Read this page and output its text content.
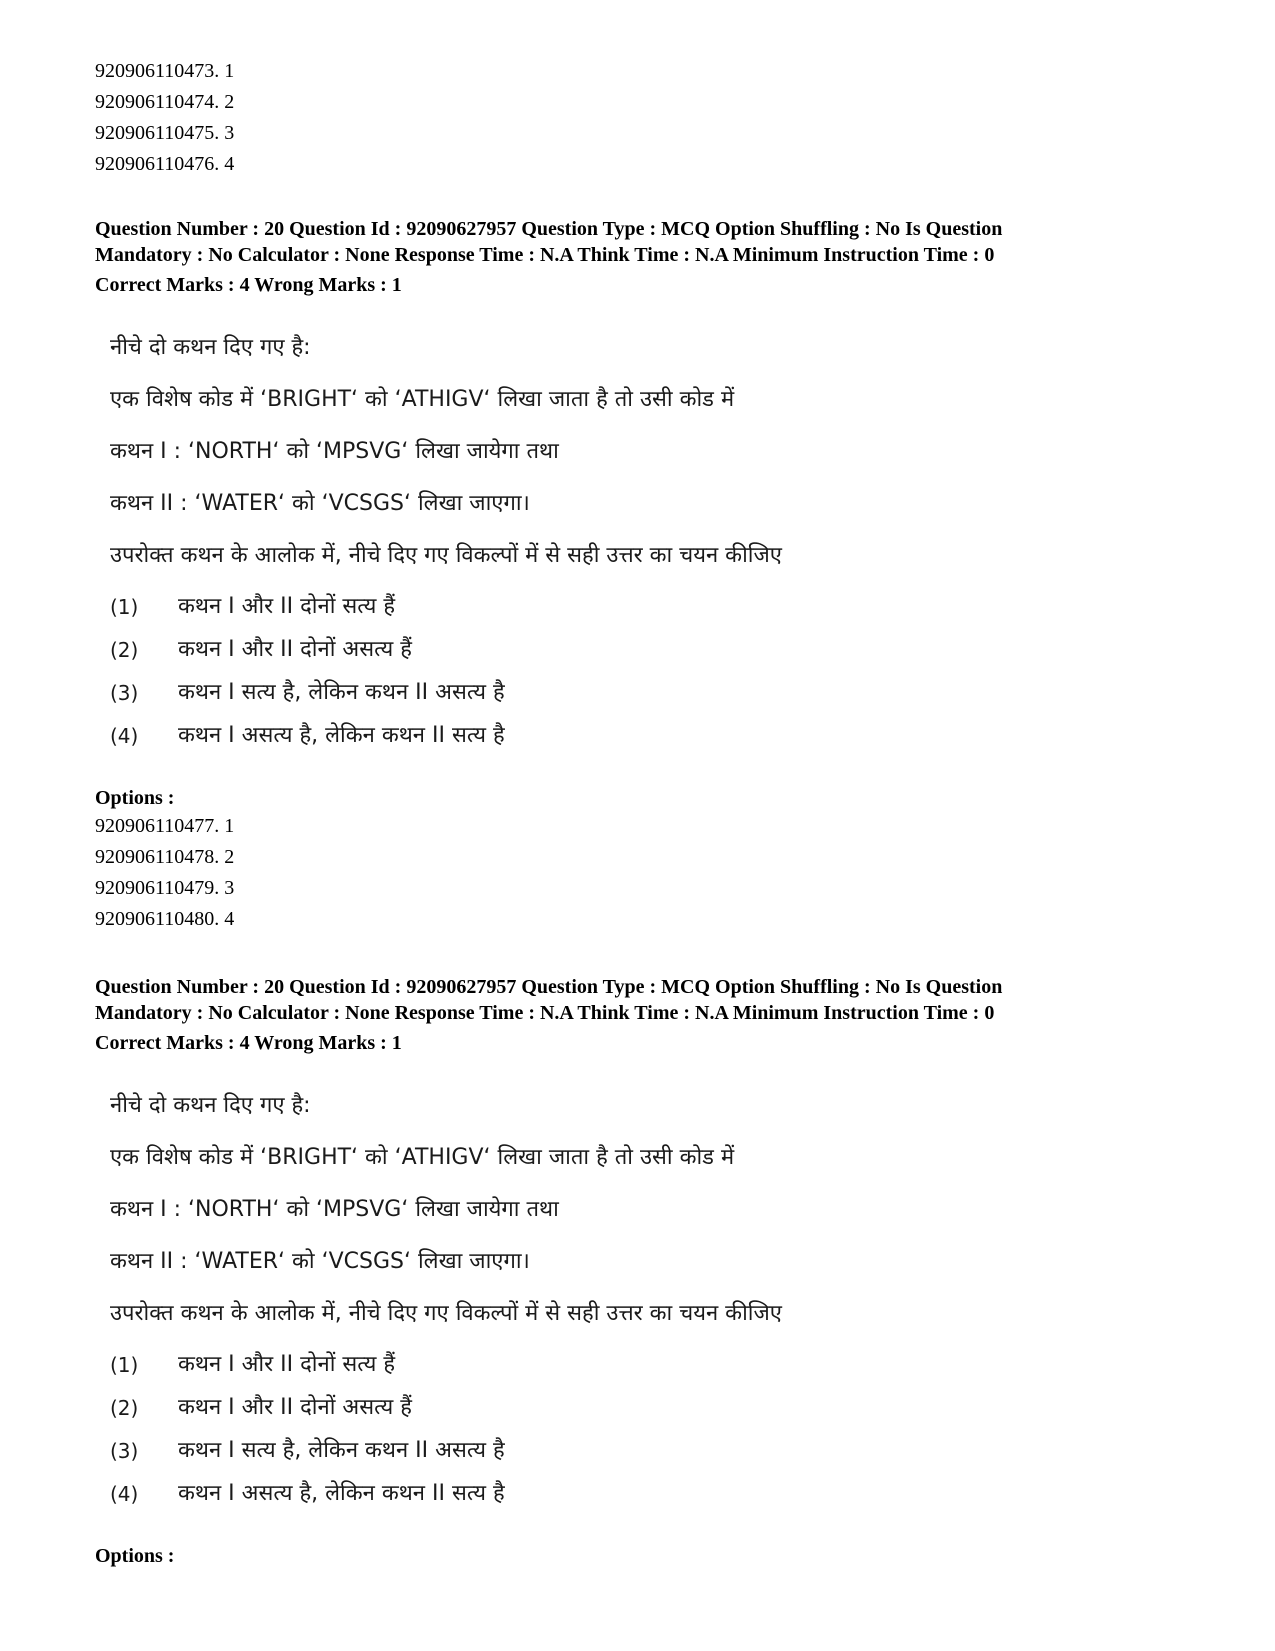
920906110473. 1
920906110474. 2
920906110475. 3
920906110476. 4
Question Number : 20 Question Id : 92090627957 Question Type : MCQ Option Shuffling : No Is Question
Mandatory : No Calculator : None Response Time : N.A Think Time : N.A Minimum Instruction Time : 0
Correct Marks : 4 Wrong Marks : 1
नीचे दो कथन दिए गए है:
एक विशेष कोड में ‘BRIGHT‘ को ‘ATHIGV‘ लिखा जाता है तो उसी कोड में
कथन I : ‘NORTH‘ को ‘MPSVG‘ लिखा जायेगा तथा
कथन II : ‘WATER‘ को ‘VCSGS‘ लिखा जाएगा।
उपरोक्त कथन के आलोक में, नीचे दिए गए विकल्पों में से सही उत्तर का चयन कीजिए
(1)	कथन I और II दोनों सत्य हैं
(2)	कथन I और II दोनों असत्य हैं
(3)	कथन I सत्य है, लेकिन कथन II असत्य है
(4)	कथन I असत्य है, लेकिन कथन II सत्य है
Options :
920906110477. 1
920906110478. 2
920906110479. 3
920906110480. 4
Question Number : 20 Question Id : 92090627957 Question Type : MCQ Option Shuffling : No Is Question
Mandatory : No Calculator : None Response Time : N.A Think Time : N.A Minimum Instruction Time : 0
Correct Marks : 4 Wrong Marks : 1
नीचे दो कथन दिए गए है:
एक विशेष कोड में ‘BRIGHT‘ को ‘ATHIGV‘ लिखा जाता है तो उसी कोड में
कथन I : ‘NORTH‘ को ‘MPSVG‘ लिखा जायेगा तथा
कथन II : ‘WATER‘ को ‘VCSGS‘ लिखा जाएगा।
उपरोक्त कथन के आलोक में, नीचे दिए गए विकल्पों में से सही उत्तर का चयन कीजिए
(1)	कथन I और II दोनों सत्य हैं
(2)	कथन I और II दोनों असत्य हैं
(3)	कथन I सत्य है, लेकिन कथन II असत्य है
(4)	कथन I असत्य है, लेकिन कथन II सत्य है
Options :
